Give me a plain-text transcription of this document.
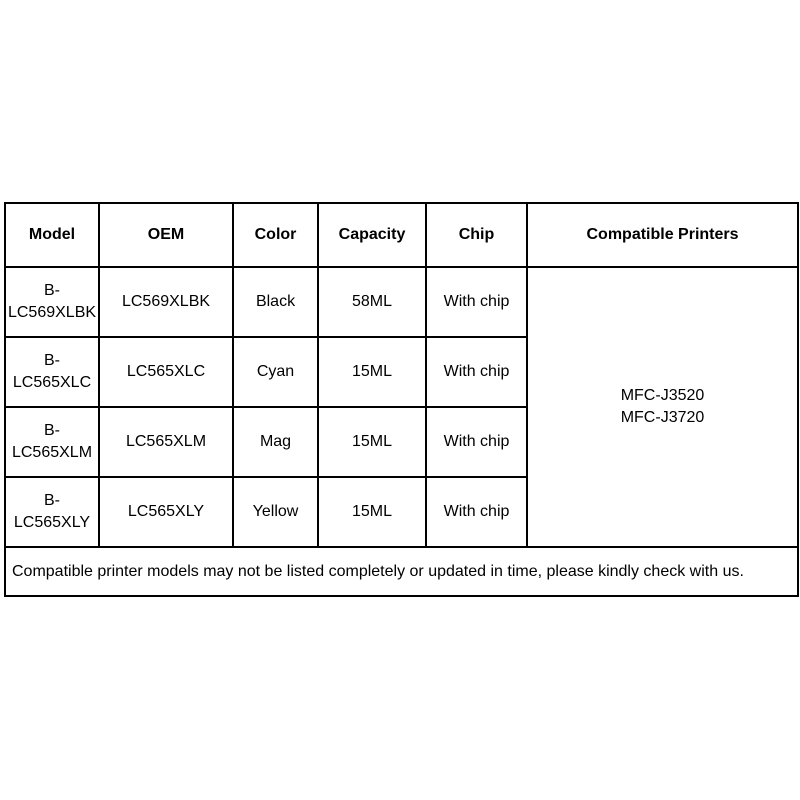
Model	OEM	Color	Capacity	Chip	Compatible Printers
B-LC569XLBK	LC569XLBK	Black	58ML	With chip	MFC-J3520
MFC-J3720

B-LC565XLC	LC565XLC	Cyan	15ML	With chip	
B-LC565XLM	LC565XLM	Mag	15ML	With chip	
B-LC565XLY	LC565XLY	Yellow	15ML	With chip	
Compatible printer models may not be listed completely or updated in time, please kindly check with us.					
